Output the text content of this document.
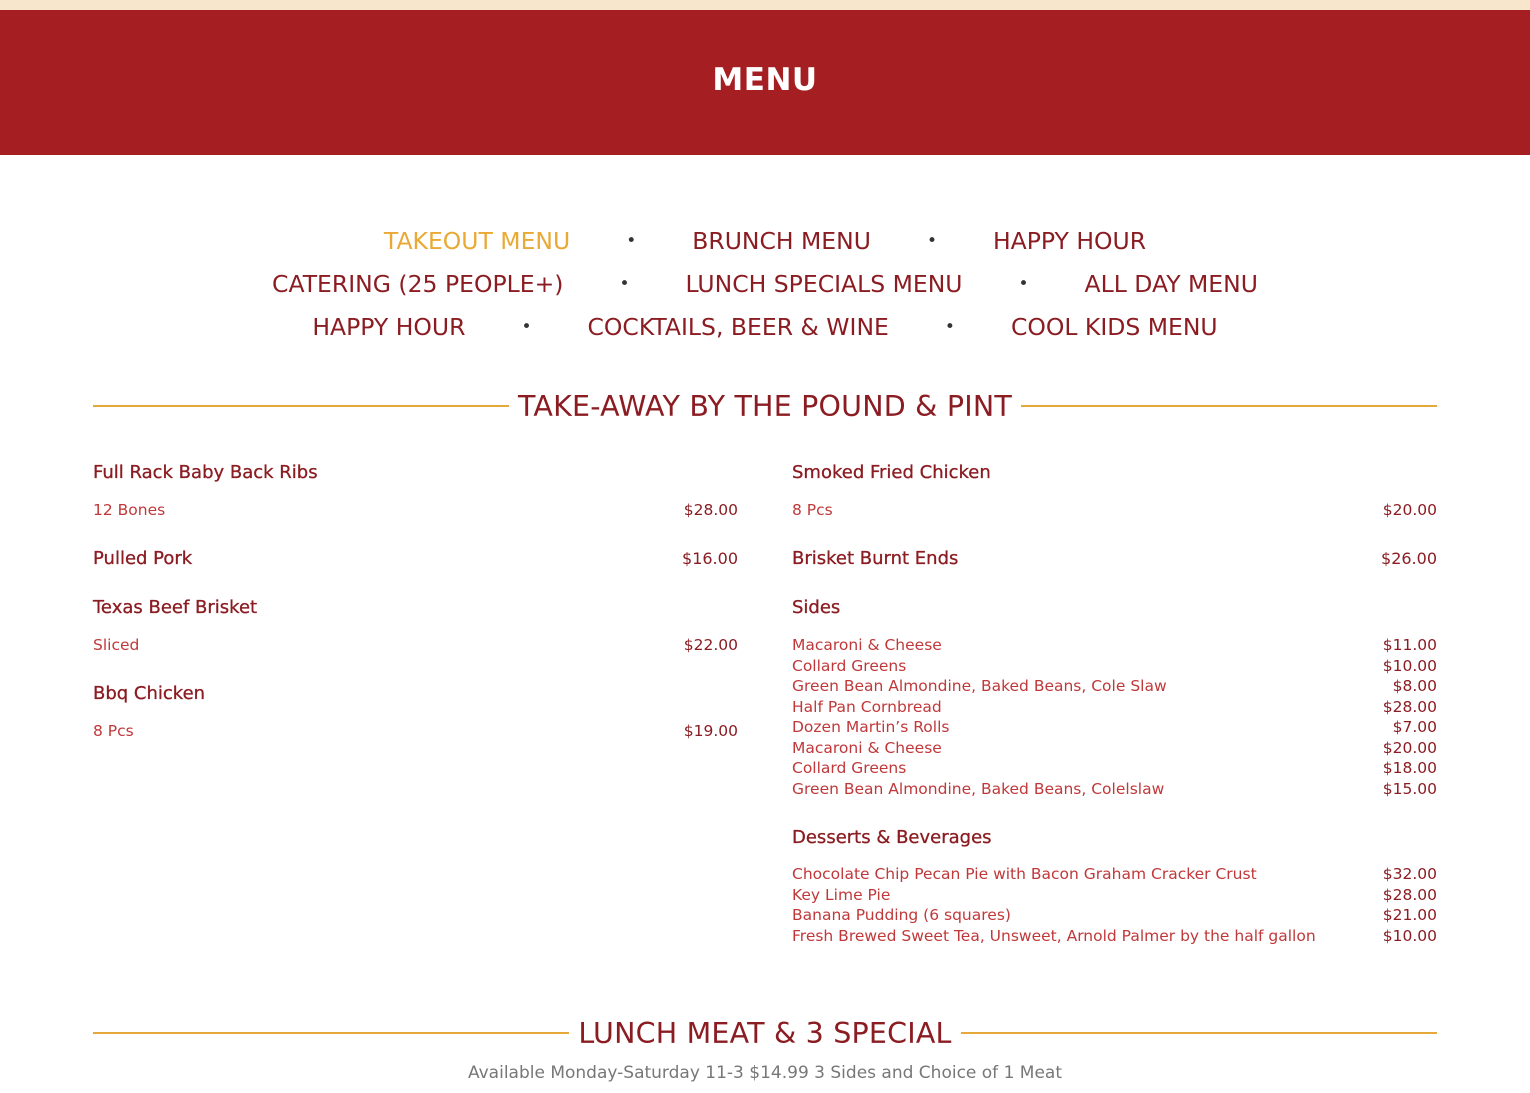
MENU
TAKEOUT MENU	• BRUNCH MENU	• HAPPY HOUR
CATERING (25 PEOPLE+)	• LUNCH SPECIALS MENU	• ALL DAY MENU
HAPPY HOUR	• COCKTAILS, BEER & WINE	• COOL KIDS MENU
TAKE-AWAY BY THE POUND & PINT
Full Rack Baby Back Ribs
12 Bones	$28.00
Pulled Pork	$16.00
Texas Beef Brisket
Sliced	$22.00
Bbq Chicken
8 Pcs	$19.00
Smoked Fried Chicken
8 Pcs	$20.00
Brisket Burnt Ends	$26.00
Sides
Macaroni & Cheese	$11.00
Collard Greens	$10.00
Green Bean Almondine, Baked Beans, Cole Slaw	$8.00
Half Pan Cornbread	$28.00
Dozen Martin’s Rolls	$7.00
Macaroni & Cheese	$20.00
Collard Greens	$18.00
Green Bean Almondine, Baked Beans, Colelslaw	$15.00
Desserts & Beverages
Chocolate Chip Pecan Pie with Bacon Graham Cracker Crust	$32.00
Key Lime Pie	$28.00
Banana Pudding (6 squares)	$21.00
Fresh Brewed Sweet Tea, Unsweet, Arnold Palmer by the half gallon	$10.00
LUNCH MEAT & 3 SPECIAL
Available Monday-Saturday 11-3 $14.99 3 Sides and Choice of 1 Meat
